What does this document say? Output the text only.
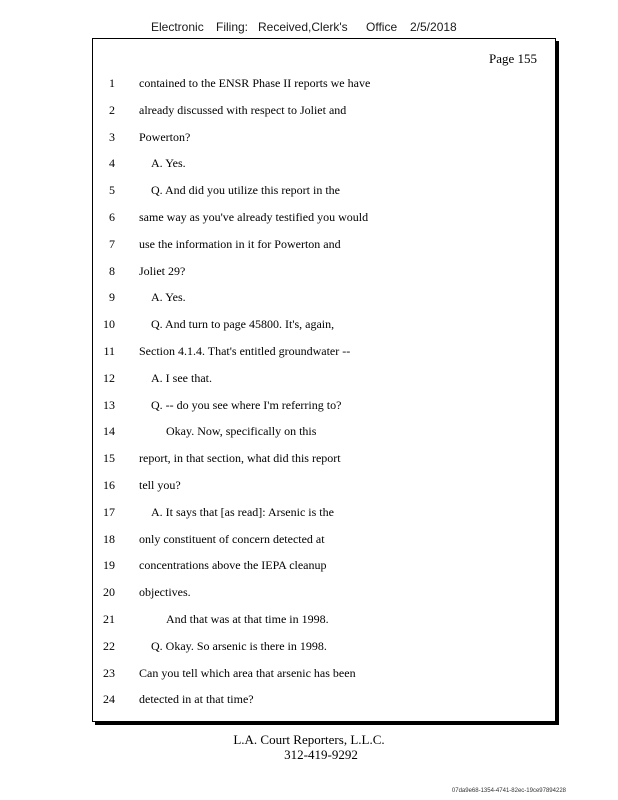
Electronic Filing: Received,Clerk's Office 2/5/2018
Page 155
1 contained to the ENSR Phase II reports we have
2 already discussed with respect to Joliet and
3 Powerton?
4	A. Yes.
5	Q. And did you utilize this report in the
6 same way as you've already testified you would
7 use the information in it for Powerton and
8 Joliet 29?
9	A. Yes.
10	Q. And turn to page 45800. It's, again,
11 Section 4.1.4. That's entitled groundwater --
12	A. I see that.
13	Q. -- do you see where I'm referring to?
14	Okay. Now, specifically on this
15 report, in that section, what did this report
16 tell you?
17	A. It says that [as read]: Arsenic is the
18 only constituent of concern detected at
19 concentrations above the IEPA cleanup
20 objectives.
21	And that was at that time in 1998.
22	Q. Okay. So arsenic is there in 1998.
23 Can you tell which area that arsenic has been
24 detected in at that time?
L.A. Court Reporters, L.L.C.
312-419-9292
07da9e68-1354-4741-82ec-19ce97894228
